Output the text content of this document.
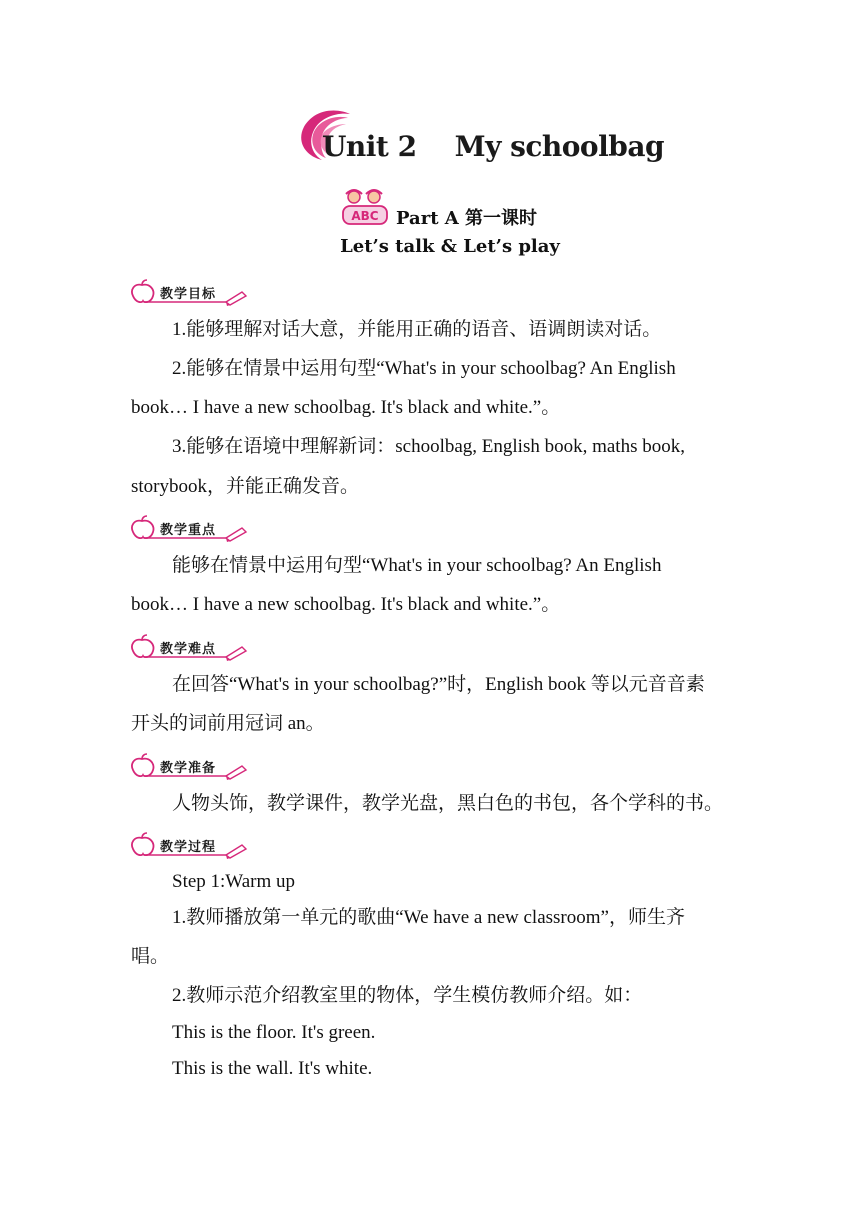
Unit 2 My schoolbag
ABC Part A 第一课时
Let’s talk & Let’s play
教学目标
1.能够理解对话大意，并能用正确的语音、语调朗读对话。
2.能够在情景中运用句型“What's in your schoolbag? An English
book… I have a new schoolbag. It's black and white.”。
3.能够在语境中理解新词：schoolbag, English book, maths book,
storybook，并能正确发音。
教学重点
能够在情景中运用句型“What's in your schoolbag? An English
book… I have a new schoolbag. It's black and white.”。
教学难点
在回答“What's in your schoolbag?”时，English book 等以元音音素
开头的词前用冠词 an。
教学准备
人物头饰，教学课件，教学光盘，黑白色的书包，各个学科的书。
教学过程
Step 1:Warm up
1.教师播放第一单元的歌曲“We have a new classroom”，师生齐
唱。
2.教师示范介绍教室里的物体，学生模仿教师介绍。如：
This is the floor. It's green.
This is the wall. It's white.
